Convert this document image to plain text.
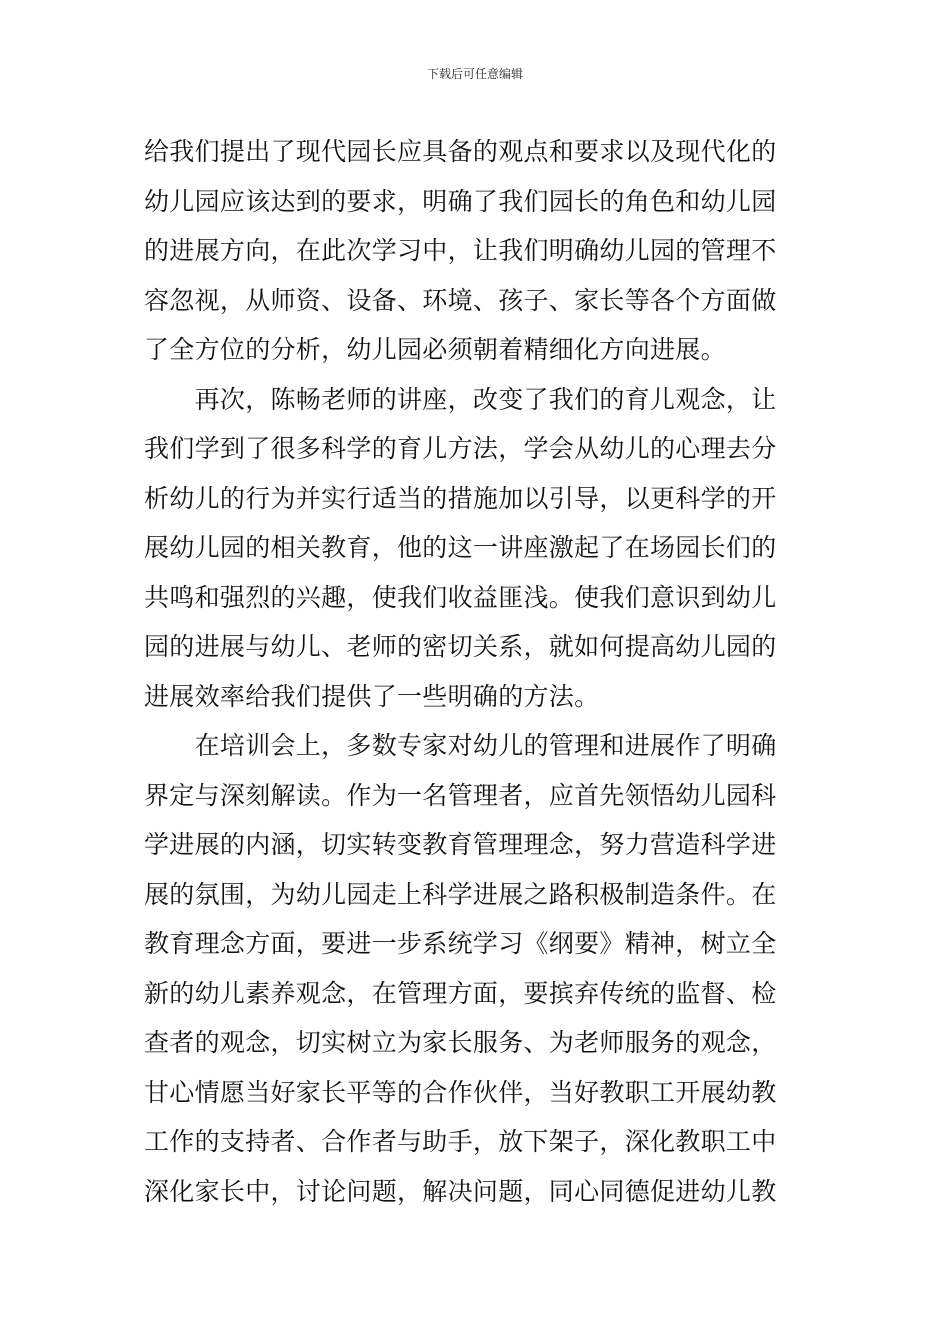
下载后可任意编辑
给我们提出了现代园长应具备的观点和要求以及现代化的
幼儿园应该达到的要求，明确了我们园长的角色和幼儿园
的进展方向，在此次学习中，让我们明确幼儿园的管理不
容忽视，从师资、设备、环境、孩子、家长等各个方面做
了全方位的分析，幼儿园必须朝着精细化方向进展。
　　再次，陈畅老师的讲座，改变了我们的育儿观念，让
我们学到了很多科学的育儿方法，学会从幼儿的心理去分
析幼儿的行为并实行适当的措施加以引导，以更科学的开
展幼儿园的相关教育，他的这一讲座激起了在场园长们的
共鸣和强烈的兴趣，使我们收益匪浅。使我们意识到幼儿
园的进展与幼儿、老师的密切关系，就如何提高幼儿园的
进展效率给我们提供了一些明确的方法。
　　在培训会上，多数专家对幼儿的管理和进展作了明确
界定与深刻解读。作为一名管理者，应首先领悟幼儿园科
学进展的内涵，切实转变教育管理理念，努力营造科学进
展的氛围，为幼儿园走上科学进展之路积极制造条件。在
教育理念方面，要进一步系统学习《纲要》精神，树立全
新的幼儿素养观念，在管理方面，要摈弃传统的监督、检
查者的观念，切实树立为家长服务、为老师服务的观念，
甘心情愿当好家长平等的合作伙伴，当好教职工开展幼教
工作的支持者、合作者与助手，放下架子，深化教职工中
深化家长中，讨论问题，解决问题，同心同德促进幼儿教
